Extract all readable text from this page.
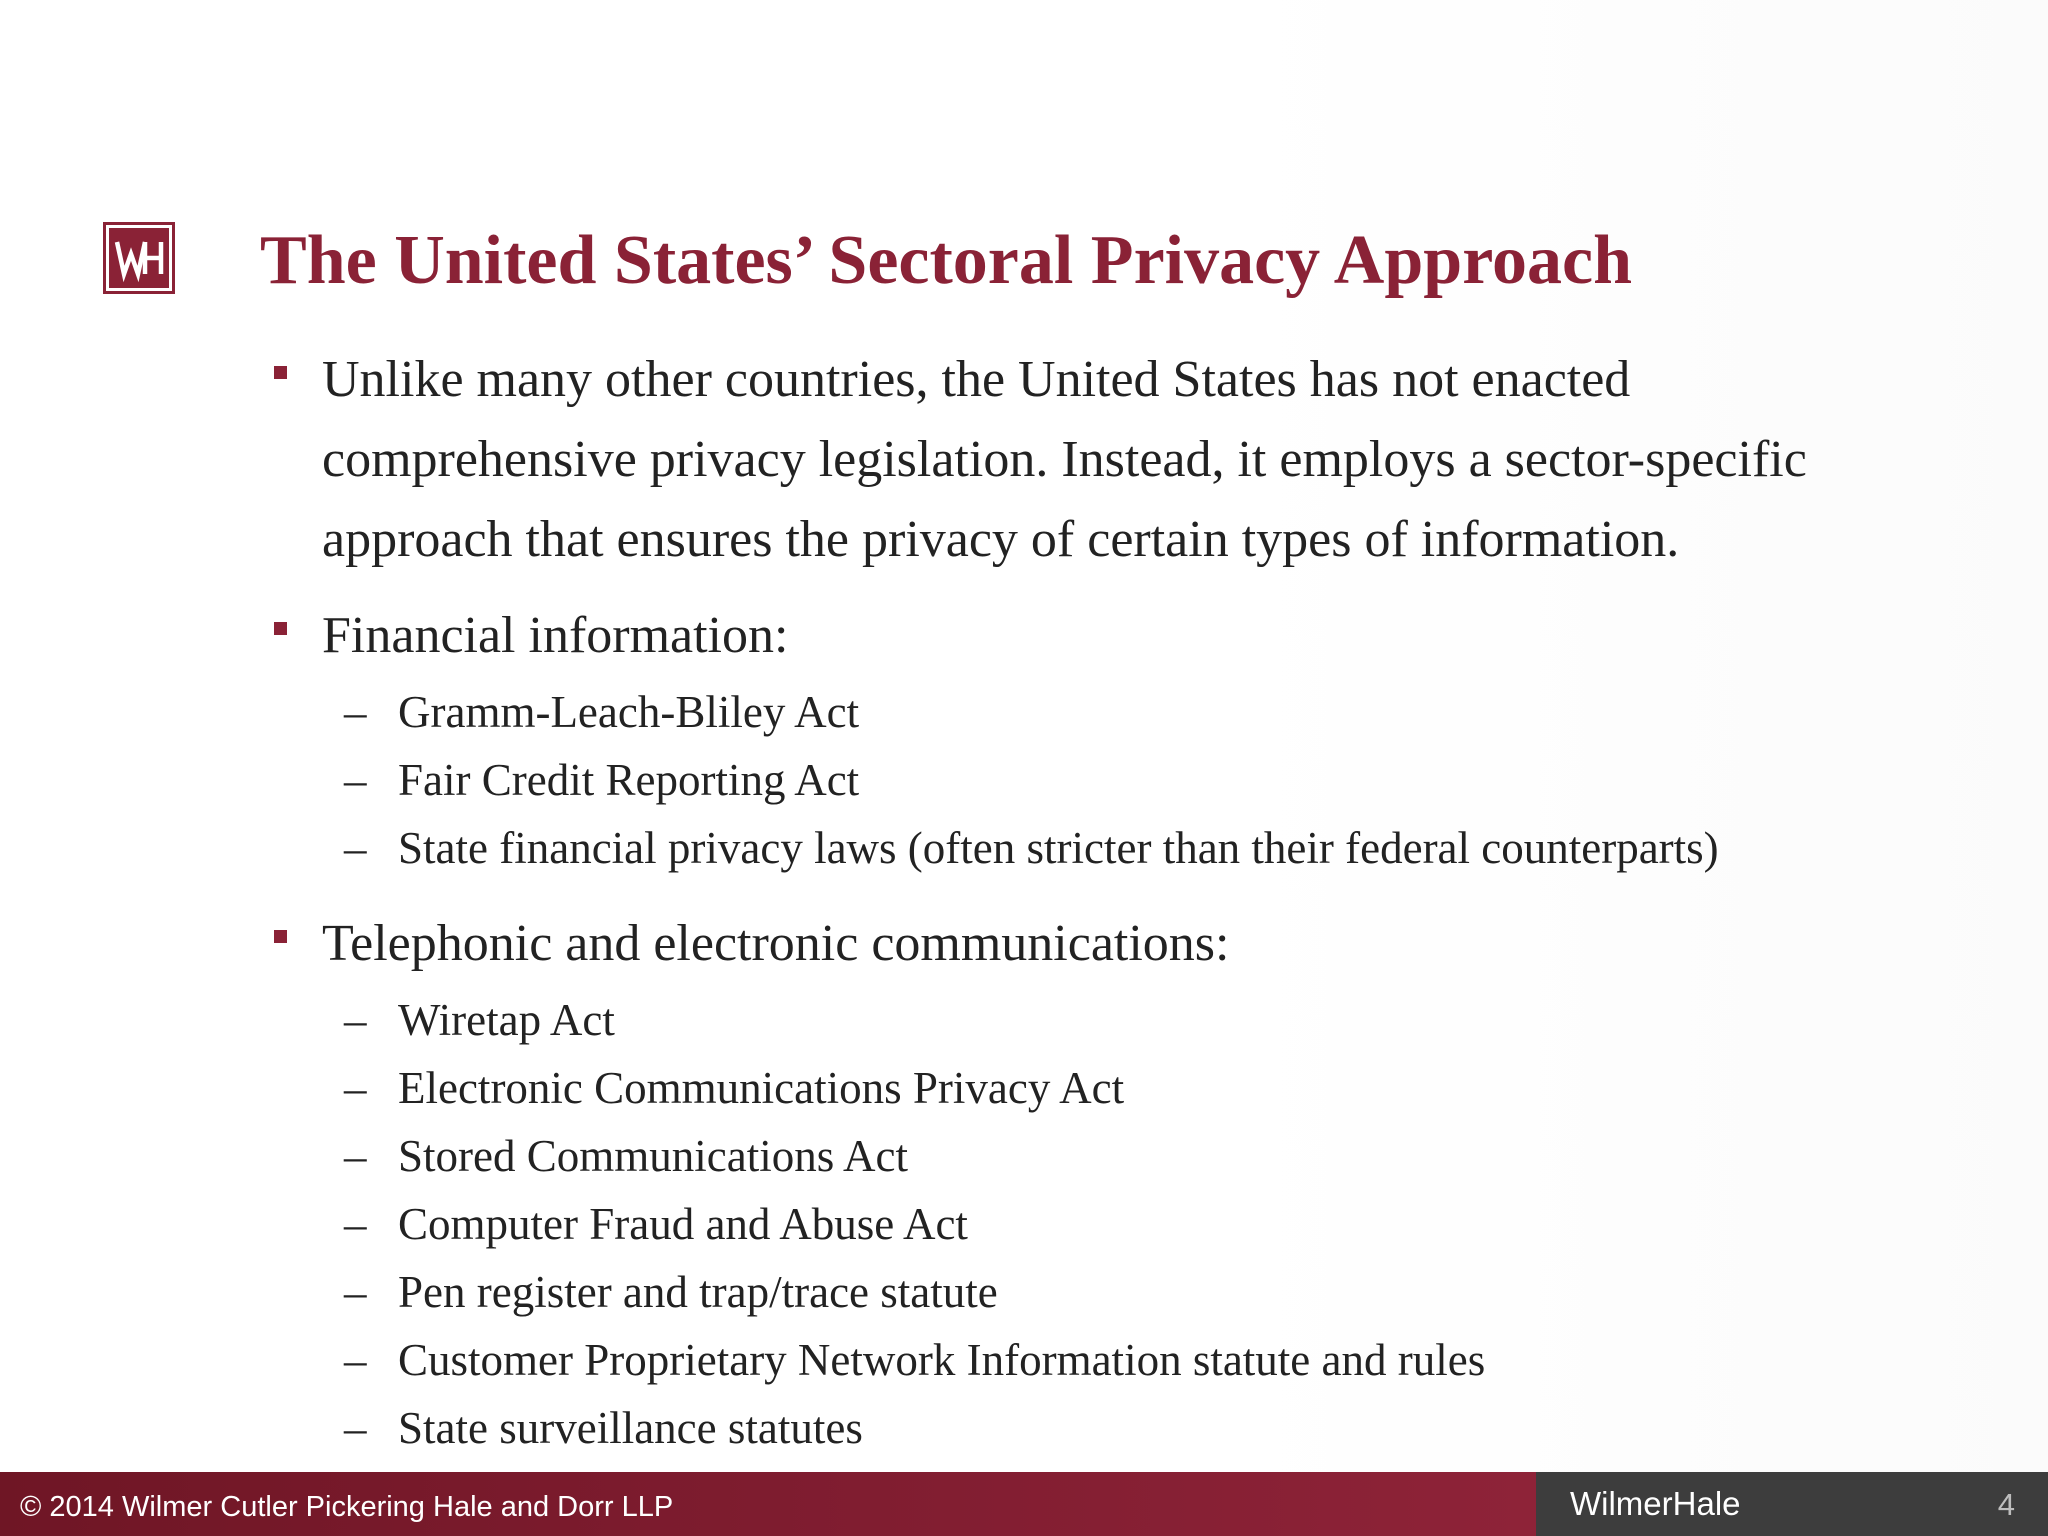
The United States’ Sectoral Privacy Approach
Unlike many other countries, the United States has not enacted comprehensive privacy legislation. Instead, it employs a sector-specific approach that ensures the privacy of certain types of information.
Financial information:
– Gramm-Leach-Bliley Act
– Fair Credit Reporting Act
– State financial privacy laws (often stricter than their federal counterparts)
Telephonic and electronic communications:
– Wiretap Act
– Electronic Communications Privacy Act
– Stored Communications Act
– Computer Fraud and Abuse Act
– Pen register and trap/trace statute
– Customer Proprietary Network Information statute and rules
– State surveillance statutes
© 2014 Wilmer Cutler Pickering Hale and Dorr LLP	WilmerHale	4
